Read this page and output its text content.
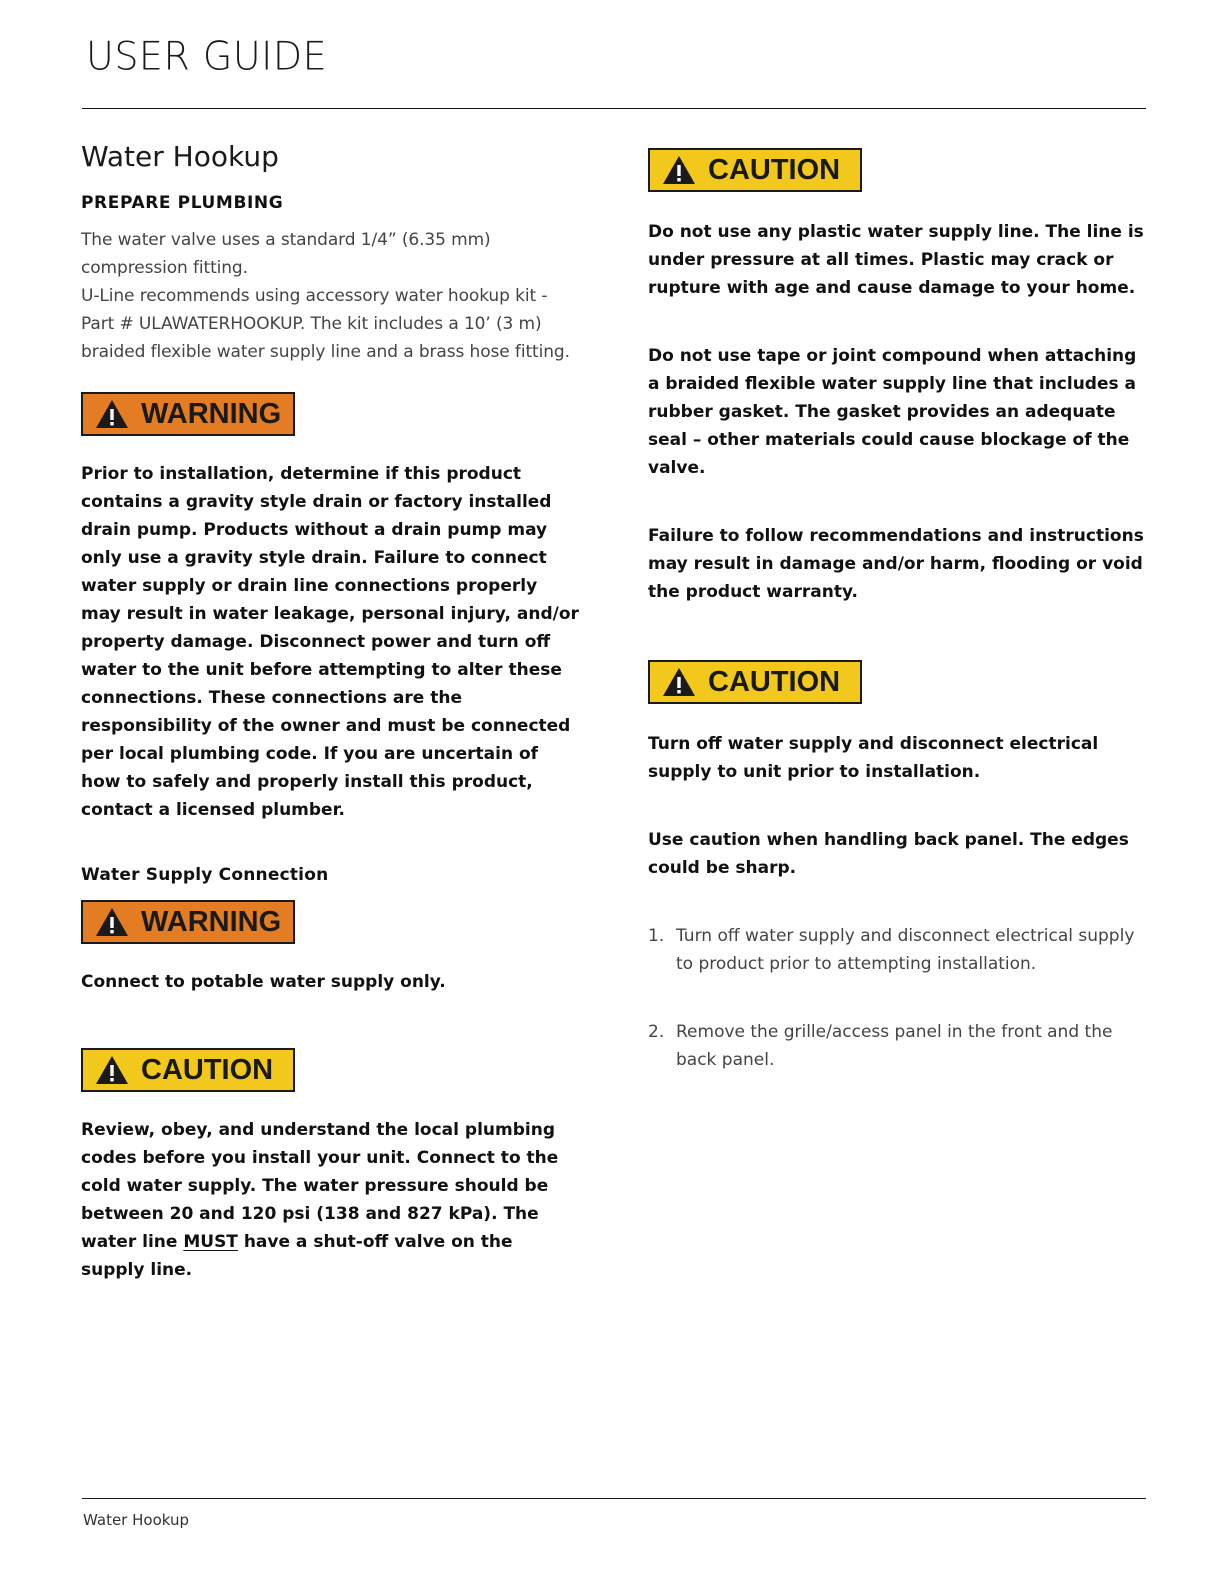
USER GUIDE
Water Hookup
PREPARE PLUMBING
The water valve uses a standard 1/4” (6.35 mm) compression fitting.
U-Line recommends using accessory water hookup kit - Part # ULAWATERHOOKUP. The kit includes a 10’ (3 m) braided flexible water supply line and a brass hose fitting.
WARNING
Prior to installation, determine if this product contains a gravity style drain or factory installed drain pump. Products without a drain pump may only use a gravity style drain. Failure to connect water supply or drain line connections properly may result in water leakage, personal injury, and/or property damage. Disconnect power and turn off water to the unit before attempting to alter these connections. These connections are the responsibility of the owner and must be connected per local plumbing code. If you are uncertain of how to safely and properly install this product, contact a licensed plumber.
Water Supply Connection
WARNING
Connect to potable water supply only.
CAUTION
Review, obey, and understand the local plumbing codes before you install your unit. Connect to the cold water supply. The water pressure should be between 20 and 120 psi (138 and 827 kPa). The water line MUST have a shut-off valve on the supply line.
CAUTION
Do not use any plastic water supply line. The line is under pressure at all times. Plastic may crack or rupture with age and cause damage to your home.
Do not use tape or joint compound when attaching a braided flexible water supply line that includes a rubber gasket. The gasket provides an adequate seal – other materials could cause blockage of the valve.
Failure to follow recommendations and instructions may result in damage and/or harm, flooding or void the product warranty.
CAUTION
Turn off water supply and disconnect electrical supply to unit prior to installation.
Use caution when handling back panel. The edges could be sharp.
1. Turn off water supply and disconnect electrical supply to product prior to attempting installation.
2. Remove the grille/access panel in the front and the back panel.
Water Hookup
